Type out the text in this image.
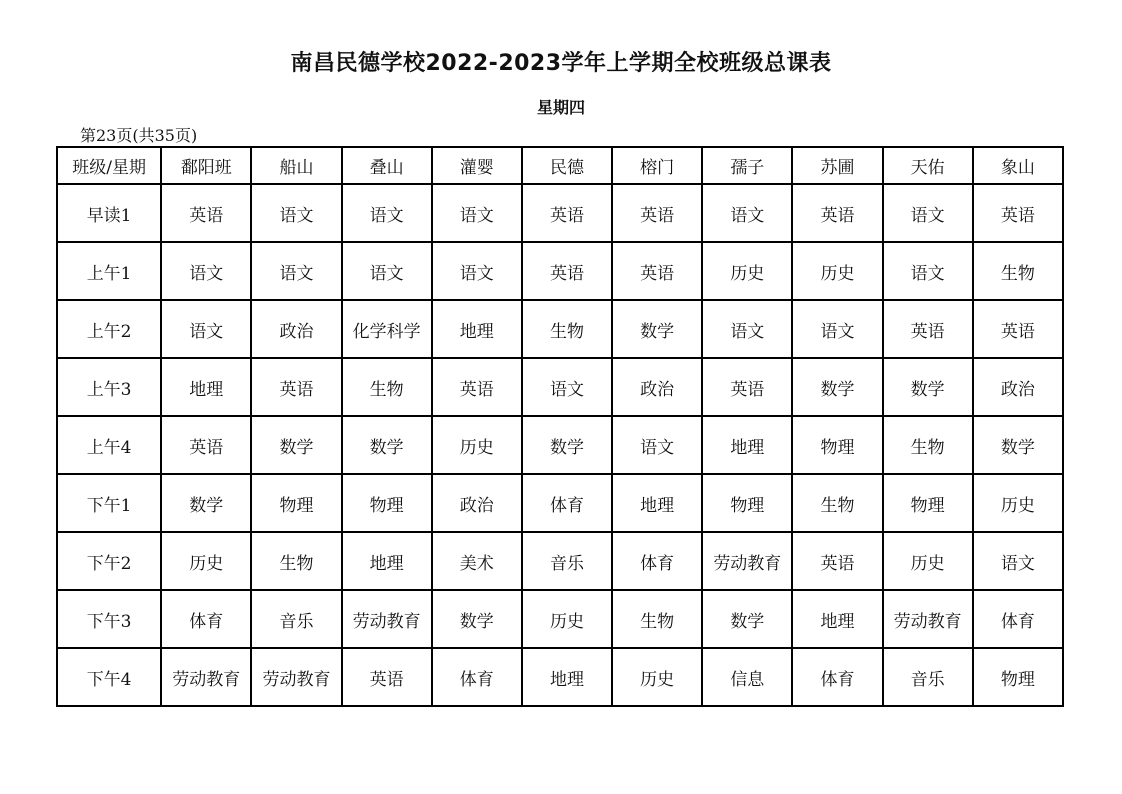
南昌民德学校2022-2023学年上学期全校班级总课表
星期四
第23页(共35页)
班级/星期	鄱阳班	船山	叠山	灌婴	民德	榕门	孺子	苏圃	天佑	象山
早读1	英语	语文	语文	语文	英语	英语	语文	英语	语文	英语
上午1	语文	语文	语文	语文	英语	英语	历史	历史	语文	生物
上午2	语文	政治	化学科学	地理	生物	数学	语文	语文	英语	英语
上午3	地理	英语	生物	英语	语文	政治	英语	数学	数学	政治
上午4	英语	数学	数学	历史	数学	语文	地理	物理	生物	数学
下午1	数学	物理	物理	政治	体育	地理	物理	生物	物理	历史
下午2	历史	生物	地理	美术	音乐	体育	劳动教育	英语	历史	语文
下午3	体育	音乐	劳动教育	数学	历史	生物	数学	地理	劳动教育	体育
下午4	劳动教育	劳动教育	英语	体育	地理	历史	信息	体育	音乐	物理
